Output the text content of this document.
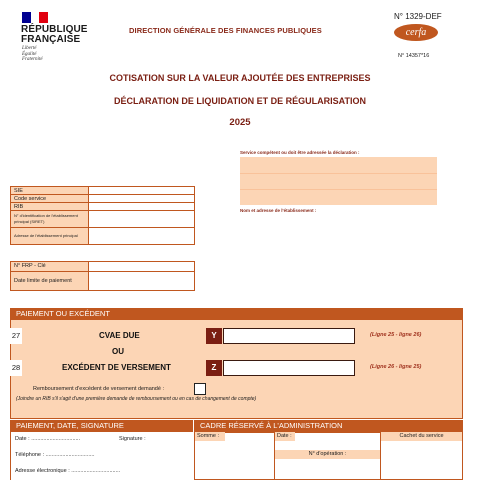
RÉPUBLIQUE
FRANÇAISE
Liberté
Égalité
Fraternité
DIRECTION GÉNÉRALE DES FINANCES PUBLIQUES
N° 1329-DEF
cerfa
N° 14357*16
COTISATION SUR LA VALEUR AJOUTÉE DES ENTREPRISES
DÉCLARATION DE LIQUIDATION ET DE RÉGULARISATION
2025
Service compétent ou doit être adressée la déclaration :
Nom et adresse de l'établissement :
SIE	
Code service	
RIB	
N° d'identification de l'établissement principal (SIRET)	
Adresse de l'établissement principal	
N° FRP - Clé	
Date limite de paiement	
PAIEMENT OU EXCÉDENT
27	CVAE DUE	Y	(Ligne 25 - ligne 26)
OU
28	EXCÉDENT DE VERSEMENT	Z	(Ligne 26 - ligne 25)
Remboursement d'excédent de versement demandé :
(Joindre un RIB s'il s'agit d'une première demande de remboursement ou en cas de changement de compte)
PAIEMENT, DATE, SIGNATURE
Date : ................................	Signature :
Téléphone : ................................
Adresse électronique : ................................
CADRE RÉSERVÉ À L'ADMINISTRATION
Somme :	Date :	Cachet du service
N° d'opération :
